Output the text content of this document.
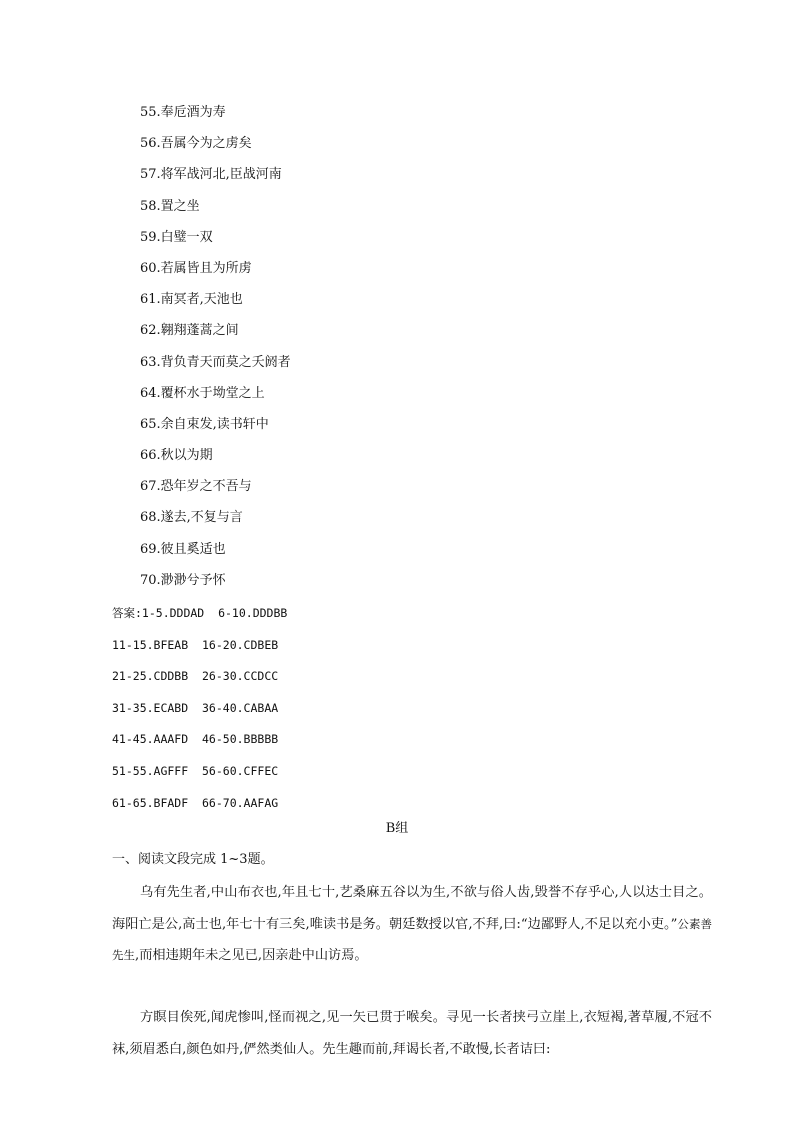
55.奉卮酒为寿
56.吾属今为之虏矣
57.将军战河北,臣战河南
58.置之坐
59.白璧一双
60.若属皆且为所虏
61.南冥者,天池也
62.翱翔蓬蒿之间
63.背负青天而莫之夭阏者
64.覆杯水于坳堂之上
65.余自束发,读书轩中
66.秋以为期
67.恐年岁之不吾与
68.遂去,不复与言
69.彼且奚适也
70.渺渺兮予怀
答案:1-5.DDDAD  6-10.DDDBB
11-15.BFEAB  16-20.CDBEB
21-25.CDDBB  26-30.CCDCC
31-35.ECABD  36-40.CABAA
41-45.AAAFD  46-50.BBBBB
51-55.AGFFF  56-60.CFFEC
61-65.BFADF  66-70.AAFAG
B组
一、阅读文段完成 1~3题。

乌有先生者,中山布衣也,年且七十,艺桑麻五谷以为生,不欲与俗人齿,毁誉不存乎心,人以达士目之。海阳亡是公,高士也,年七十有三矣,唯读书是务。朝廷数授以官,不拜,曰:“边鄙野人,不足以充小吏。”公素善先生,而相违期年未之见已,因亲赴中山访焉。

方瞑目俟死,闻虎惨叫,怪而视之,见一矢已贯于喉矣。寻见一长者挟弓立崖上,衣短褐,著草履,不冠不袜,须眉悉白,颜色如丹,俨然类仙人。先生趣而前,拜谒长者,不敢慢,长者诘曰:
